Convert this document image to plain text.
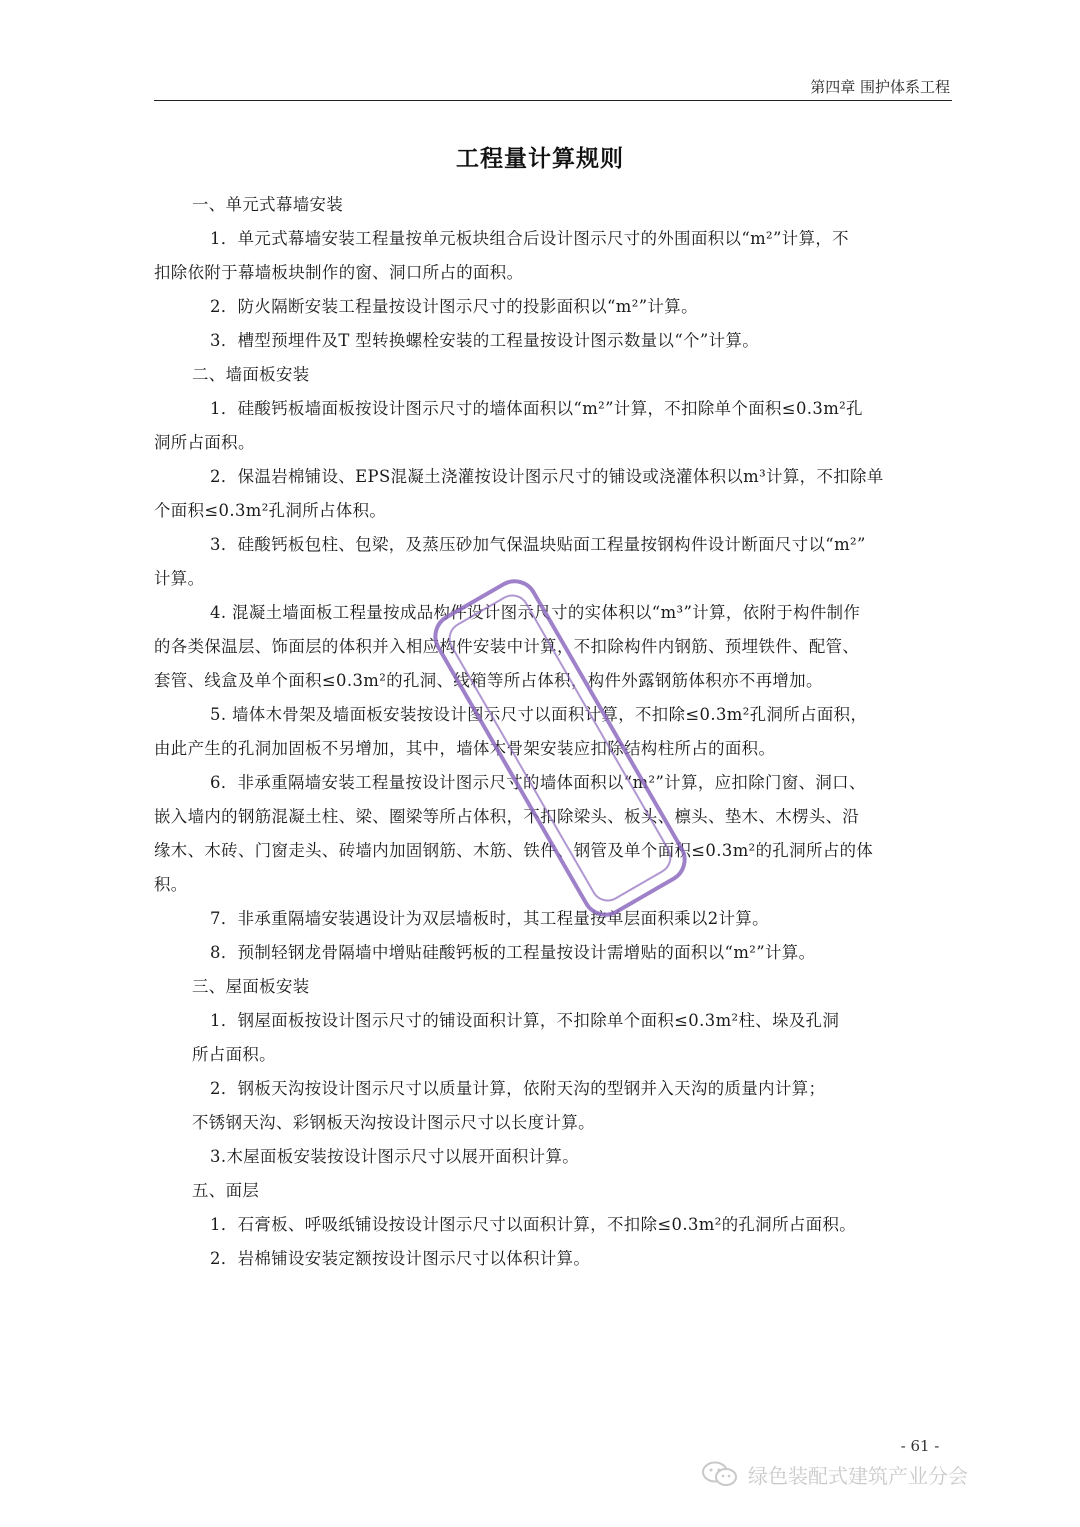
第四章 围护体系工程
工程量计算规则
一、单元式幕墙安装
1．单元式幕墙安装工程量按单元板块组合后设计图示尺寸的外围面积以“m²”计算，不
扣除依附于幕墙板块制作的窗、洞口所占的面积。
2．防火隔断安装工程量按设计图示尺寸的投影面积以“m²”计算。
3．槽型预埋件及T 型转换螺栓安装的工程量按设计图示数量以“个”计算。
二、墙面板安装
1．硅酸钙板墙面板按设计图示尺寸的墙体面积以“m²”计算，不扣除单个面积≤0.3m²孔
洞所占面积。
2．保温岩棉铺设、EPS混凝土浇灌按设计图示尺寸的铺设或浇灌体积以m³计算，不扣除单
个面积≤0.3m²孔洞所占体积。
3．硅酸钙板包柱、包梁，及蒸压砂加气保温块贴面工程量按钢构件设计断面尺寸以“m²”
计算。
4. 混凝土墙面板工程量按成品构件设计图示尺寸的实体积以“m³”计算，依附于构件制作
的各类保温层、饰面层的体积并入相应构件安装中计算，不扣除构件内钢筋、预埋铁件、配管、
套管、线盒及单个面积≤0.3m²的孔洞、线箱等所占体积，构件外露钢筋体积亦不再增加。
5. 墙体木骨架及墙面板安装按设计图示尺寸以面积计算，不扣除≤0.3m²孔洞所占面积，
由此产生的孔洞加固板不另增加，其中，墙体木骨架安装应扣除结构柱所占的面积。
6．非承重隔墙安装工程量按设计图示尺寸的墙体面积以“m²”计算，应扣除门窗、洞口、
嵌入墙内的钢筋混凝土柱、梁、圈梁等所占体积，不扣除梁头、板头、檩头、垫木、木楞头、沿
缘木、木砖、门窗走头、砖墙内加固钢筋、木筋、铁件、钢管及单个面积≤0.3m²的孔洞所占的体
积。
7．非承重隔墙安装遇设计为双层墙板时，其工程量按单层面积乘以2计算。
8．预制轻钢龙骨隔墙中增贴硅酸钙板的工程量按设计需增贴的面积以“m²”计算。
三、屋面板安装
1．钢屋面板按设计图示尺寸的铺设面积计算，不扣除单个面积≤0.3m²柱、垛及孔洞
所占面积。
2．钢板天沟按设计图示尺寸以质量计算，依附天沟的型钢并入天沟的质量内计算；
不锈钢天沟、彩钢板天沟按设计图示尺寸以长度计算。
3.木屋面板安装按设计图示尺寸以展开面积计算。
五、面层
1．石膏板、呼吸纸铺设按设计图示尺寸以面积计算，不扣除≤0.3m²的孔洞所占面积。
2．岩棉铺设安装定额按设计图示尺寸以体积计算。
- 61 -
绿色装配式建筑产业分会
